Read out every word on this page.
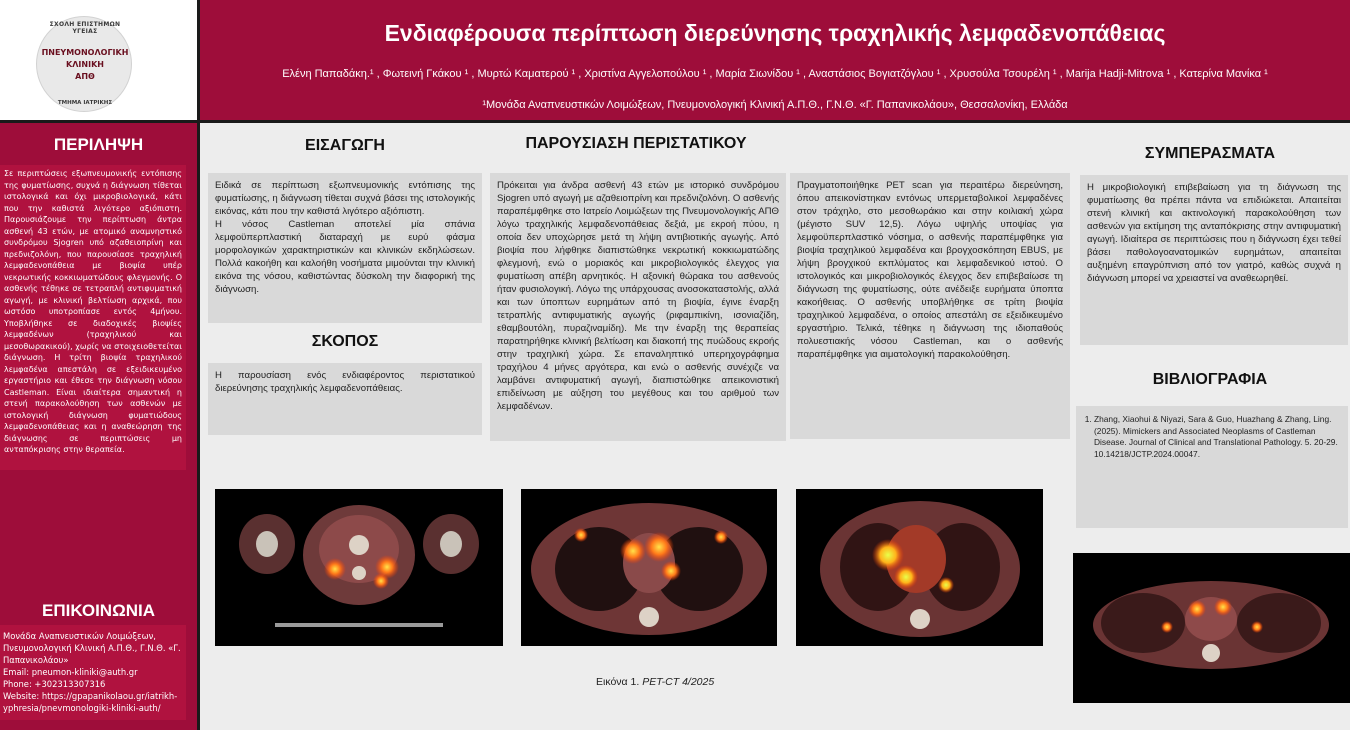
ΣΧΟΛΗ ΕΠΙΣΤΗΜΩΝ ΥΓΕΙΑΣ
ΠΝΕΥΜΟΝΟΛΟΓΙΚΗ
ΚΛΙΝΙΚΗ
ΑΠΘ
ΤΜΗΜΑ ΙΑΤΡΙΚΗΣ
Ενδιαφέρουσα περίπτωση διερεύνησης τραχηλικής λεμφαδενοπάθειας
Ελένη Παπαδάκη.¹ , Φωτεινή Γκάκου ¹ , Μυρτώ Καματερού ¹ , Χριστίνα Αγγελοπούλου ¹ , Μαρία Σιωνίδου ¹ , Αναστάσιος Βογιατζόγλου ¹ , Χρυσούλα Τσουρέλη ¹ , Marija Hadji-Mitrova ¹ , Κατερίνα Μανίκα ¹
¹Μονάδα Αναπνευστικών Λοιμώξεων, Πνευμονολογική Κλινική Α.Π.Θ., Γ.Ν.Θ. «Γ. Παπανικολάου», Θεσσαλονίκη, Ελλάδα
ΠΕΡΙΛΗΨΗ

Σε περιπτώσεις εξωπνευμονικής εντόπισης της φυματίωσης, συχνά η διάγνωση τίθεται ιστολογικά και όχι μικροβιολογικά, κάτι που την καθιστά λιγότερο αξιόπιστη. Παρουσιάζουμε την περίπτωση άντρα ασθενή 43 ετών, με ατομικό αναμνηστικό συνδρόμου Sjogren υπό αζαθειοπρίνη και πρεδνιζολόνη, που παρουσίασε τραχηλική λεμφαδενοπάθεια με βιοψία υπέρ νεκρωτικής κοκκιωματώδους φλεγμονής. Ο ασθενής τέθηκε σε τετραπλή αντιφυματική αγωγή, με κλινική βελτίωση αρχικά, που ωστόσο υποτροπίασε εντός 4μήνου. Υποβλήθηκε σε διαδοχικές βιοψίες λεμφαδένων (τραχηλικού και μεσοθωρακικού), χωρίς να στοιχειοθετείται διάγνωση. Η τρίτη βιοψία τραχηλικού λεμφαδένα απεστάλη σε εξειδικευμένο εργαστήριο και έθεσε την διάγνωση νόσου Castleman. Είναι ιδιαίτερα σημαντική η στενή παρακολούθηση των ασθενών με ιστολογική διάγνωση φυματιώδους λεμφαδενοπάθειας και η αναθεώρηση της διάγνωσης σε περιπτώσεις μη ανταπόκρισης στην θεραπεία.

ΕΠΙΚΟΙΝΩΝΙΑ
Μονάδα Αναπνευστικών Λοιμώξεων, Πνευμονολογική Κλινική Α.Π.Θ., Γ.Ν.Θ. «Γ. Παπανικολάου»
Email: pneumon-kliniki@auth.gr
Phone: +302313307316
Website: https://gpapanikolaou.gr/iatrikh-yphresia/pnevmonologiki-kliniki-auth/
ΕΙΣΑΓΩΓΗ

Ειδικά σε περίπτωση εξωπνευμονικής εντόπισης της φυματίωσης, η διάγνωση τίθεται συχνά βάσει της ιστολογικής εικόνας, κάτι που την καθιστά λιγότερο αξιόπιστη.

Η νόσος Castleman αποτελεί μία σπάνια λεμφοϋπερπλαστική διαταραχή με ευρύ φάσμα μορφολογικών χαρακτηριστικών και κλινικών εκδηλώσεων. Πολλά κακοήθη και καλοήθη νοσήματα μιμούνται την κλινική εικόνα της νόσου, καθιστώντας δύσκολη την διαφορική της διάγνωση.

ΣΚΟΠΟΣ

Η παρουσίαση ενός ενδιαφέροντος περιστατικού διερεύνησης τραχηλικής λεμφαδενοπάθειας.

ΠΑΡΟΥΣΙΑΣΗ ΠΕΡΙΣΤΑΤΙΚΟΥ

Πρόκειται για άνδρα ασθενή 43 ετών με ιστορικό συνδρόμου Sjogren υπό αγωγή με αζαθειοπρίνη και πρεδνιζολόνη. Ο ασθενής παραπέμφθηκε στο Ιατρείο Λοιμώξεων της Πνευμονολογικής ΑΠΘ λόγω τραχηλικής λεμφαδενοπάθειας δεξιά, με εκροή πύου, η οποία δεν υποχώρησε μετά τη λήψη αντιβιοτικής αγωγής. Από βιοψία που λήφθηκε διαπιστώθηκε νεκρωτική κοκκιωματώδης φλεγμονή, ενώ ο μοριακός και μικροβιολογικός έλεγχος για φυματίωση απέβη αρνητικός. Η αξονική θώρακα του ασθενούς ήταν φυσιολογική. Λόγω της υπάρχουσας ανοσοκαταστολής, αλλά και των ύποπτων ευρημάτων από τη βιοψία, έγινε έναρξη τετραπλής αντιφυματικής αγωγής (ριφαμπικίνη, ισονιαζίδη, εθαμβουτόλη, πυραζιναμίδη). Με την έναρξη της θεραπείας παρατηρήθηκε κλινική βελτίωση και διακοπή της πυώδους εκροής στην τραχηλική χώρα. Σε επαναληπτικό υπερηχογράφημα τραχήλου 4 μήνες αργότερα, και ενώ ο ασθενής συνέχιζε να λαμβάνει αντιφυματική αγωγή, διαπιστώθηκε απεικονιστική επιδείνωση με αύξηση του μεγέθους και του αριθμού των λεμφαδένων.

Πραγματοποιήθηκε PET scan για περαιτέρω διερεύνηση, όπου απεικονίστηκαν εντόνως υπερμεταβολικοί λεμφαδένες στον τράχηλο, στο μεσοθωράκιο και στην κοιλιακή χώρα (μέγιστο SUV 12,5). Λόγω υψηλής υποψίας για λεμφοϋπερπλαστικό νόσημα, ο ασθενής παραπέμφθηκε για βιοψία τραχηλικού λεμφαδένα και βρογχοσκόπηση EBUS, με λήψη βρογχικού εκπλύματος και λεμφαδενικού ιστού. Ο ιστολογικός και μικροβιολογικός έλεγχος δεν επιβεβαίωσε τη διάγνωση της φυματίωσης, ούτε ανέδειξε ευρήματα ύποπτα κακοήθειας. Ο ασθενής υποβλήθηκε σε τρίτη βιοψία τραχηλικού λεμφαδένα, ο οποίος απεστάλη σε εξειδικευμένο εργαστήριο. Τελικά, τέθηκε η διάγνωση της ιδιοπαθούς πολυεστιακής νόσου Castleman, και ο ασθενής παραπέμφθηκε για αιματολογική παρακολούθηση.

ΣΥΜΠΕΡΑΣΜΑΤΑ

Η μικροβιολογική επιβεβαίωση για τη διάγνωση της φυματίωσης θα πρέπει πάντα να επιδιώκεται. Απαιτείται στενή κλινική και ακτινολογική παρακολούθηση των ασθενών για εκτίμηση της ανταπόκρισης στην αντιφυματική αγωγή. Ιδιαίτερα σε περιπτώσεις που η διάγνωση έχει τεθεί βάσει παθολογοανατομικών ευρημάτων, απαιτείται αυξημένη επαγρύπνιση από τον γιατρό, καθώς συχνά η διάγνωση μπορεί να χρειαστεί να αναθεωρηθεί.

ΒΙΒΛΙΟΓΡΑΦΙΑ
Εικόνα 1. PET-CT 4/2025
1. Zhang, Xiaohui & Niyazi, Sara & Guo, Huazhang & Zhang, Ling. (2025). Mimickers and Associated Neoplasms of Castleman Disease. Journal of Clinical and Translational Pathology. 5. 20-29. 10.14218/JCTP.2024.00047.
